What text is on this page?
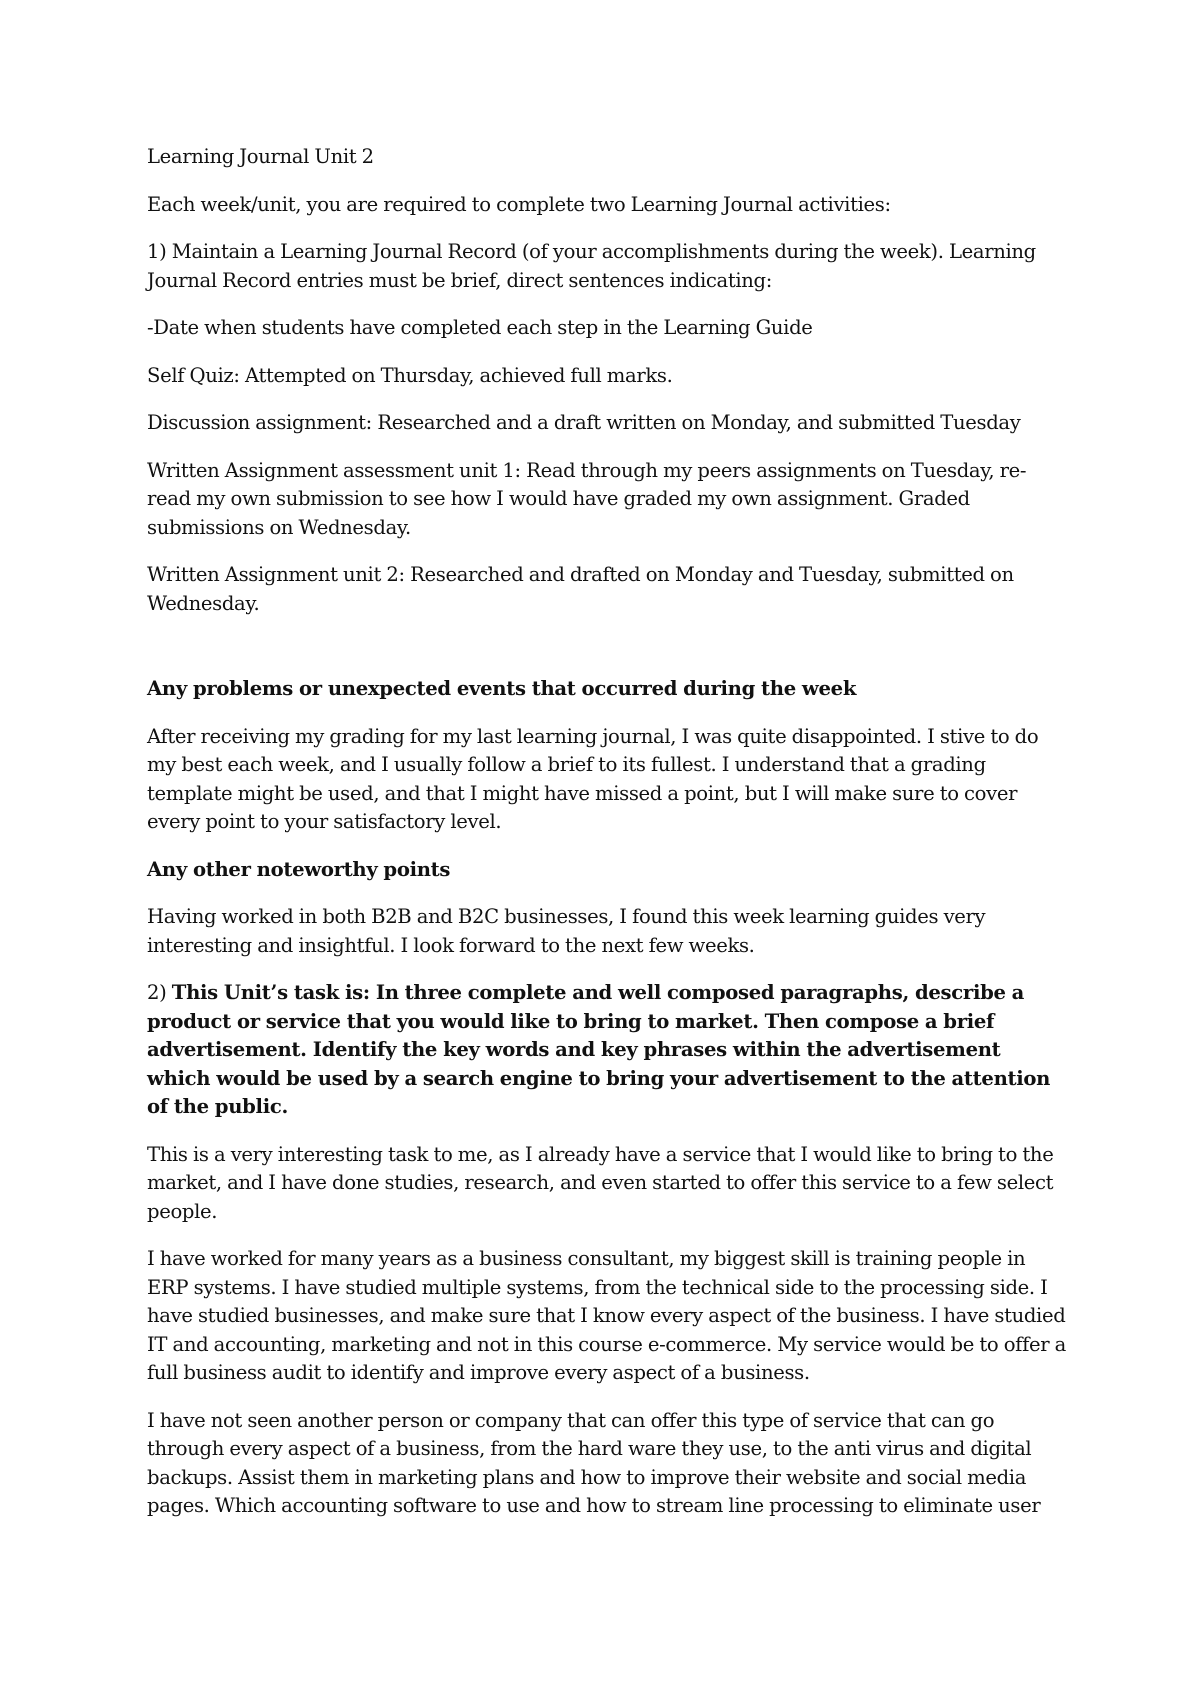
Learning Journal Unit 2

Each week/unit, you are required to complete two Learning Journal activities:

1) Maintain a Learning Journal Record (of your accomplishments during the week). Learning Journal Record entries must be brief, direct sentences indicating:

-Date when students have completed each step in the Learning Guide

Self Quiz: Attempted on Thursday, achieved full marks.

Discussion assignment: Researched and a draft written on Monday, and submitted Tuesday

Written Assignment assessment unit 1: Read through my peers assignments on Tuesday, re-read my own submission to see how I would have graded my own assignment. Graded submissions on Wednesday.

Written Assignment unit 2: Researched and drafted on Monday and Tuesday, submitted on Wednesday.

Any problems or unexpected events that occurred during the week

After receiving my grading for my last learning journal, I was quite disappointed. I stive to do my best each week, and I usually follow a brief to its fullest. I understand that a grading template might be used, and that I might have missed a point, but I will make sure to cover every point to your satisfactory level.

Any other noteworthy points

Having worked in both B2B and B2C businesses, I found this week learning guides very interesting and insightful. I look forward to the next few weeks.

2) This Unit’s task is: In three complete and well composed paragraphs, describe a product or service that you would like to bring to market. Then compose a brief advertisement. Identify the key words and key phrases within the advertisement which would be used by a search engine to bring your advertisement to the attention of the public.

This is a very interesting task to me, as I already have a service that I would like to bring to the market, and I have done studies, research, and even started to offer this service to a few select people.

I have worked for many years as a business consultant, my biggest skill is training people in ERP systems. I have studied multiple systems, from the technical side to the processing side. I have studied businesses, and make sure that I know every aspect of the business. I have studied IT and accounting, marketing and not in this course e-commerce. My service would be to offer a full business audit to identify and improve every aspect of a business.

I have not seen another person or company that can offer this type of service that can go through every aspect of a business, from the hard ware they use, to the anti virus and digital backups. Assist them in marketing plans and how to improve their website and social media pages. Which accounting software to use and how to stream line processing to eliminate user
